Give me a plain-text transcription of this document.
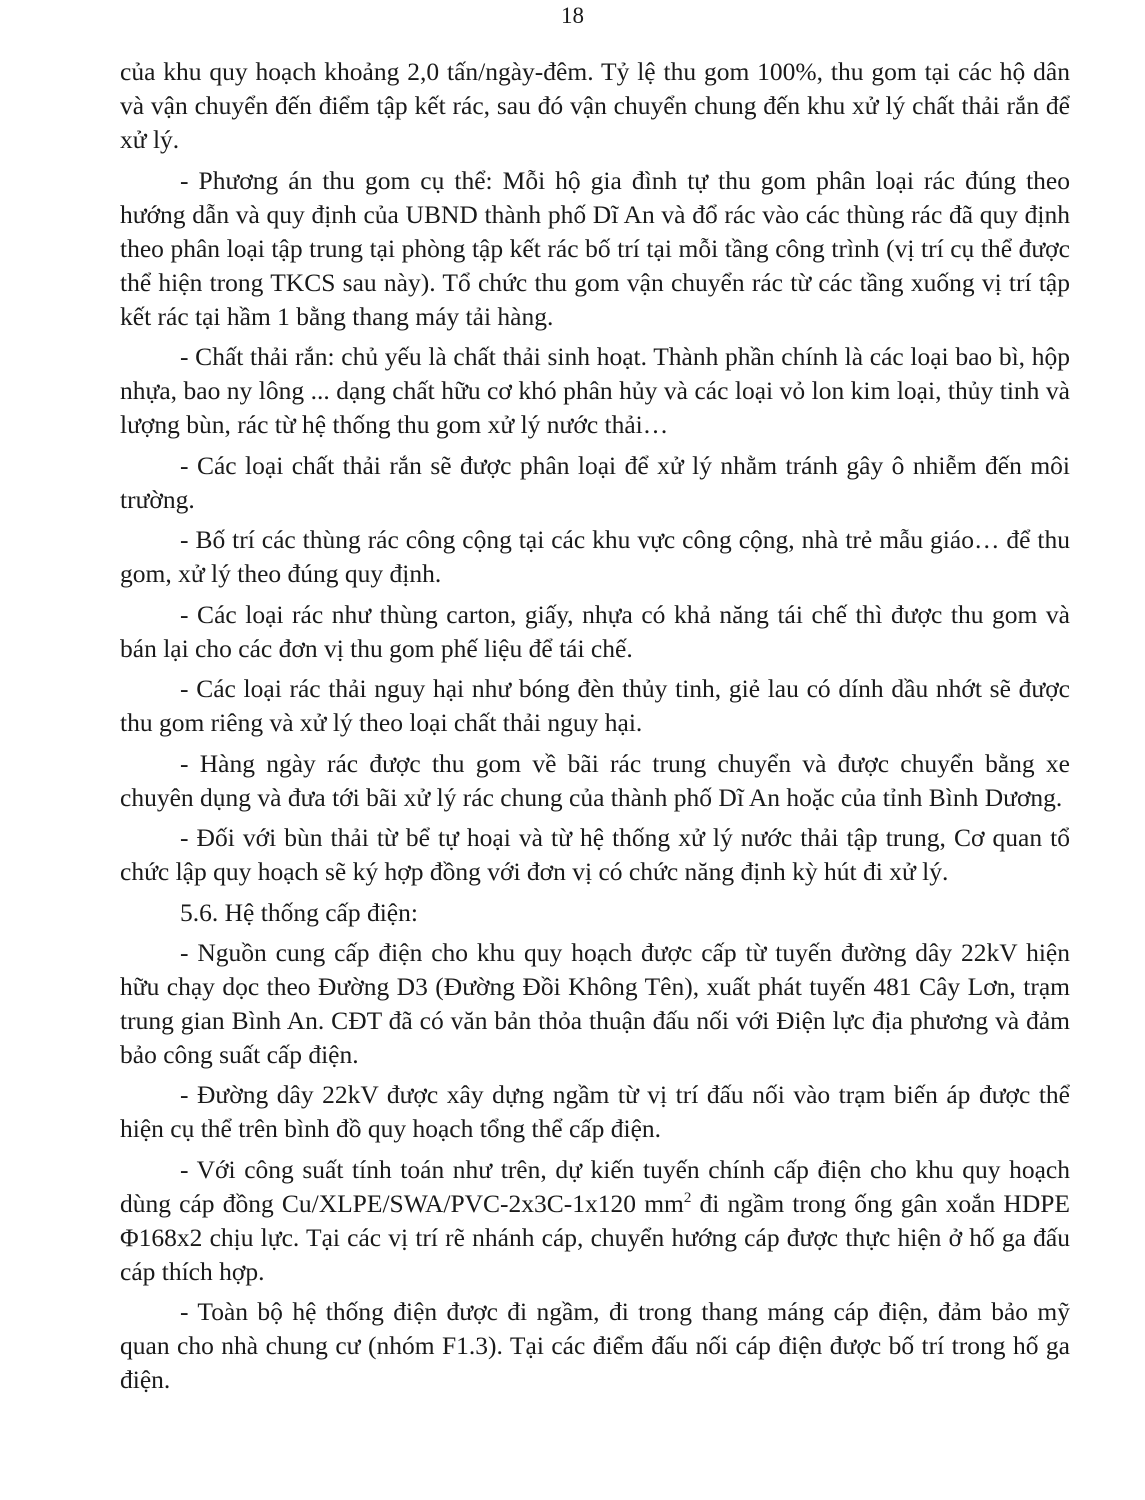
18

của khu quy hoạch khoảng 2,0 tấn/ngày-đêm. Tỷ lệ thu gom 100%, thu gom tại các hộ dân và vận chuyển đến điểm tập kết rác, sau đó vận chuyển chung đến khu xử lý chất thải rắn để xử lý.

- Phương án thu gom cụ thể: Mỗi hộ gia đình tự thu gom phân loại rác đúng theo hướng dẫn và quy định của UBND thành phố Dĩ An và đổ rác vào các thùng rác đã quy định theo phân loại tập trung tại phòng tập kết rác bố trí tại mỗi tầng công trình (vị trí cụ thể được thể hiện trong TKCS sau này). Tổ chức thu gom vận chuyển rác từ các tầng xuống vị trí tập kết rác tại hầm 1 bằng thang máy tải hàng.

- Chất thải rắn: chủ yếu là chất thải sinh hoạt. Thành phần chính là các loại bao bì, hộp nhựa, bao ny lông ... dạng chất hữu cơ khó phân hủy và các loại vỏ lon kim loại, thủy tinh và lượng bùn, rác từ hệ thống thu gom xử lý nước thải…

- Các loại chất thải rắn sẽ được phân loại để xử lý nhằm tránh gây ô nhiễm đến môi trường.

- Bố trí các thùng rác công cộng tại các khu vực công cộng, nhà trẻ mẫu giáo… để thu gom, xử lý theo đúng quy định.

- Các loại rác như thùng carton, giấy, nhựa có khả năng tái chế thì được thu gom và bán lại cho các đơn vị thu gom phế liệu để tái chế.

- Các loại rác thải nguy hại như bóng đèn thủy tinh, giẻ lau có dính dầu nhớt sẽ được thu gom riêng và xử lý theo loại chất thải nguy hại.

- Hàng ngày rác được thu gom về bãi rác trung chuyển và được chuyển bằng xe chuyên dụng và đưa tới bãi xử lý rác chung của thành phố Dĩ An hoặc của tỉnh Bình Dương.

- Đối với bùn thải từ bể tự hoại và từ hệ thống xử lý nước thải tập trung, Cơ quan tổ chức lập quy hoạch sẽ ký hợp đồng với đơn vị có chức năng định kỳ hút đi xử lý.

5.6. Hệ thống cấp điện:

- Nguồn cung cấp điện cho khu quy hoạch được cấp từ tuyến đường dây 22kV hiện hữu chạy dọc theo Đường D3 (Đường Đồi Không Tên), xuất phát tuyến 481 Cây Lơn, trạm trung gian Bình An. CĐT đã có văn bản thỏa thuận đấu nối với Điện lực địa phương và đảm bảo công suất cấp điện.

- Đường dây 22kV được xây dựng ngầm từ vị trí đấu nối vào trạm biến áp được thể hiện cụ thể trên bình đồ quy hoạch tổng thể cấp điện.

- Với công suất tính toán như trên, dự kiến tuyến chính cấp điện cho khu quy hoạch dùng cáp đồng Cu/XLPE/SWA/PVC-2x3C-1x120 $mm^2$ đi ngầm trong ống gân xoắn HDPE Φ168x2 chịu lực. Tại các vị trí rẽ nhánh cáp, chuyển hướng cáp được thực hiện ở hố ga đấu cáp thích hợp.

- Toàn bộ hệ thống điện được đi ngầm, đi trong thang máng cáp điện, đảm bảo mỹ quan cho nhà chung cư (nhóm F1.3). Tại các điểm đấu nối cáp điện được bố trí trong hố ga điện.
